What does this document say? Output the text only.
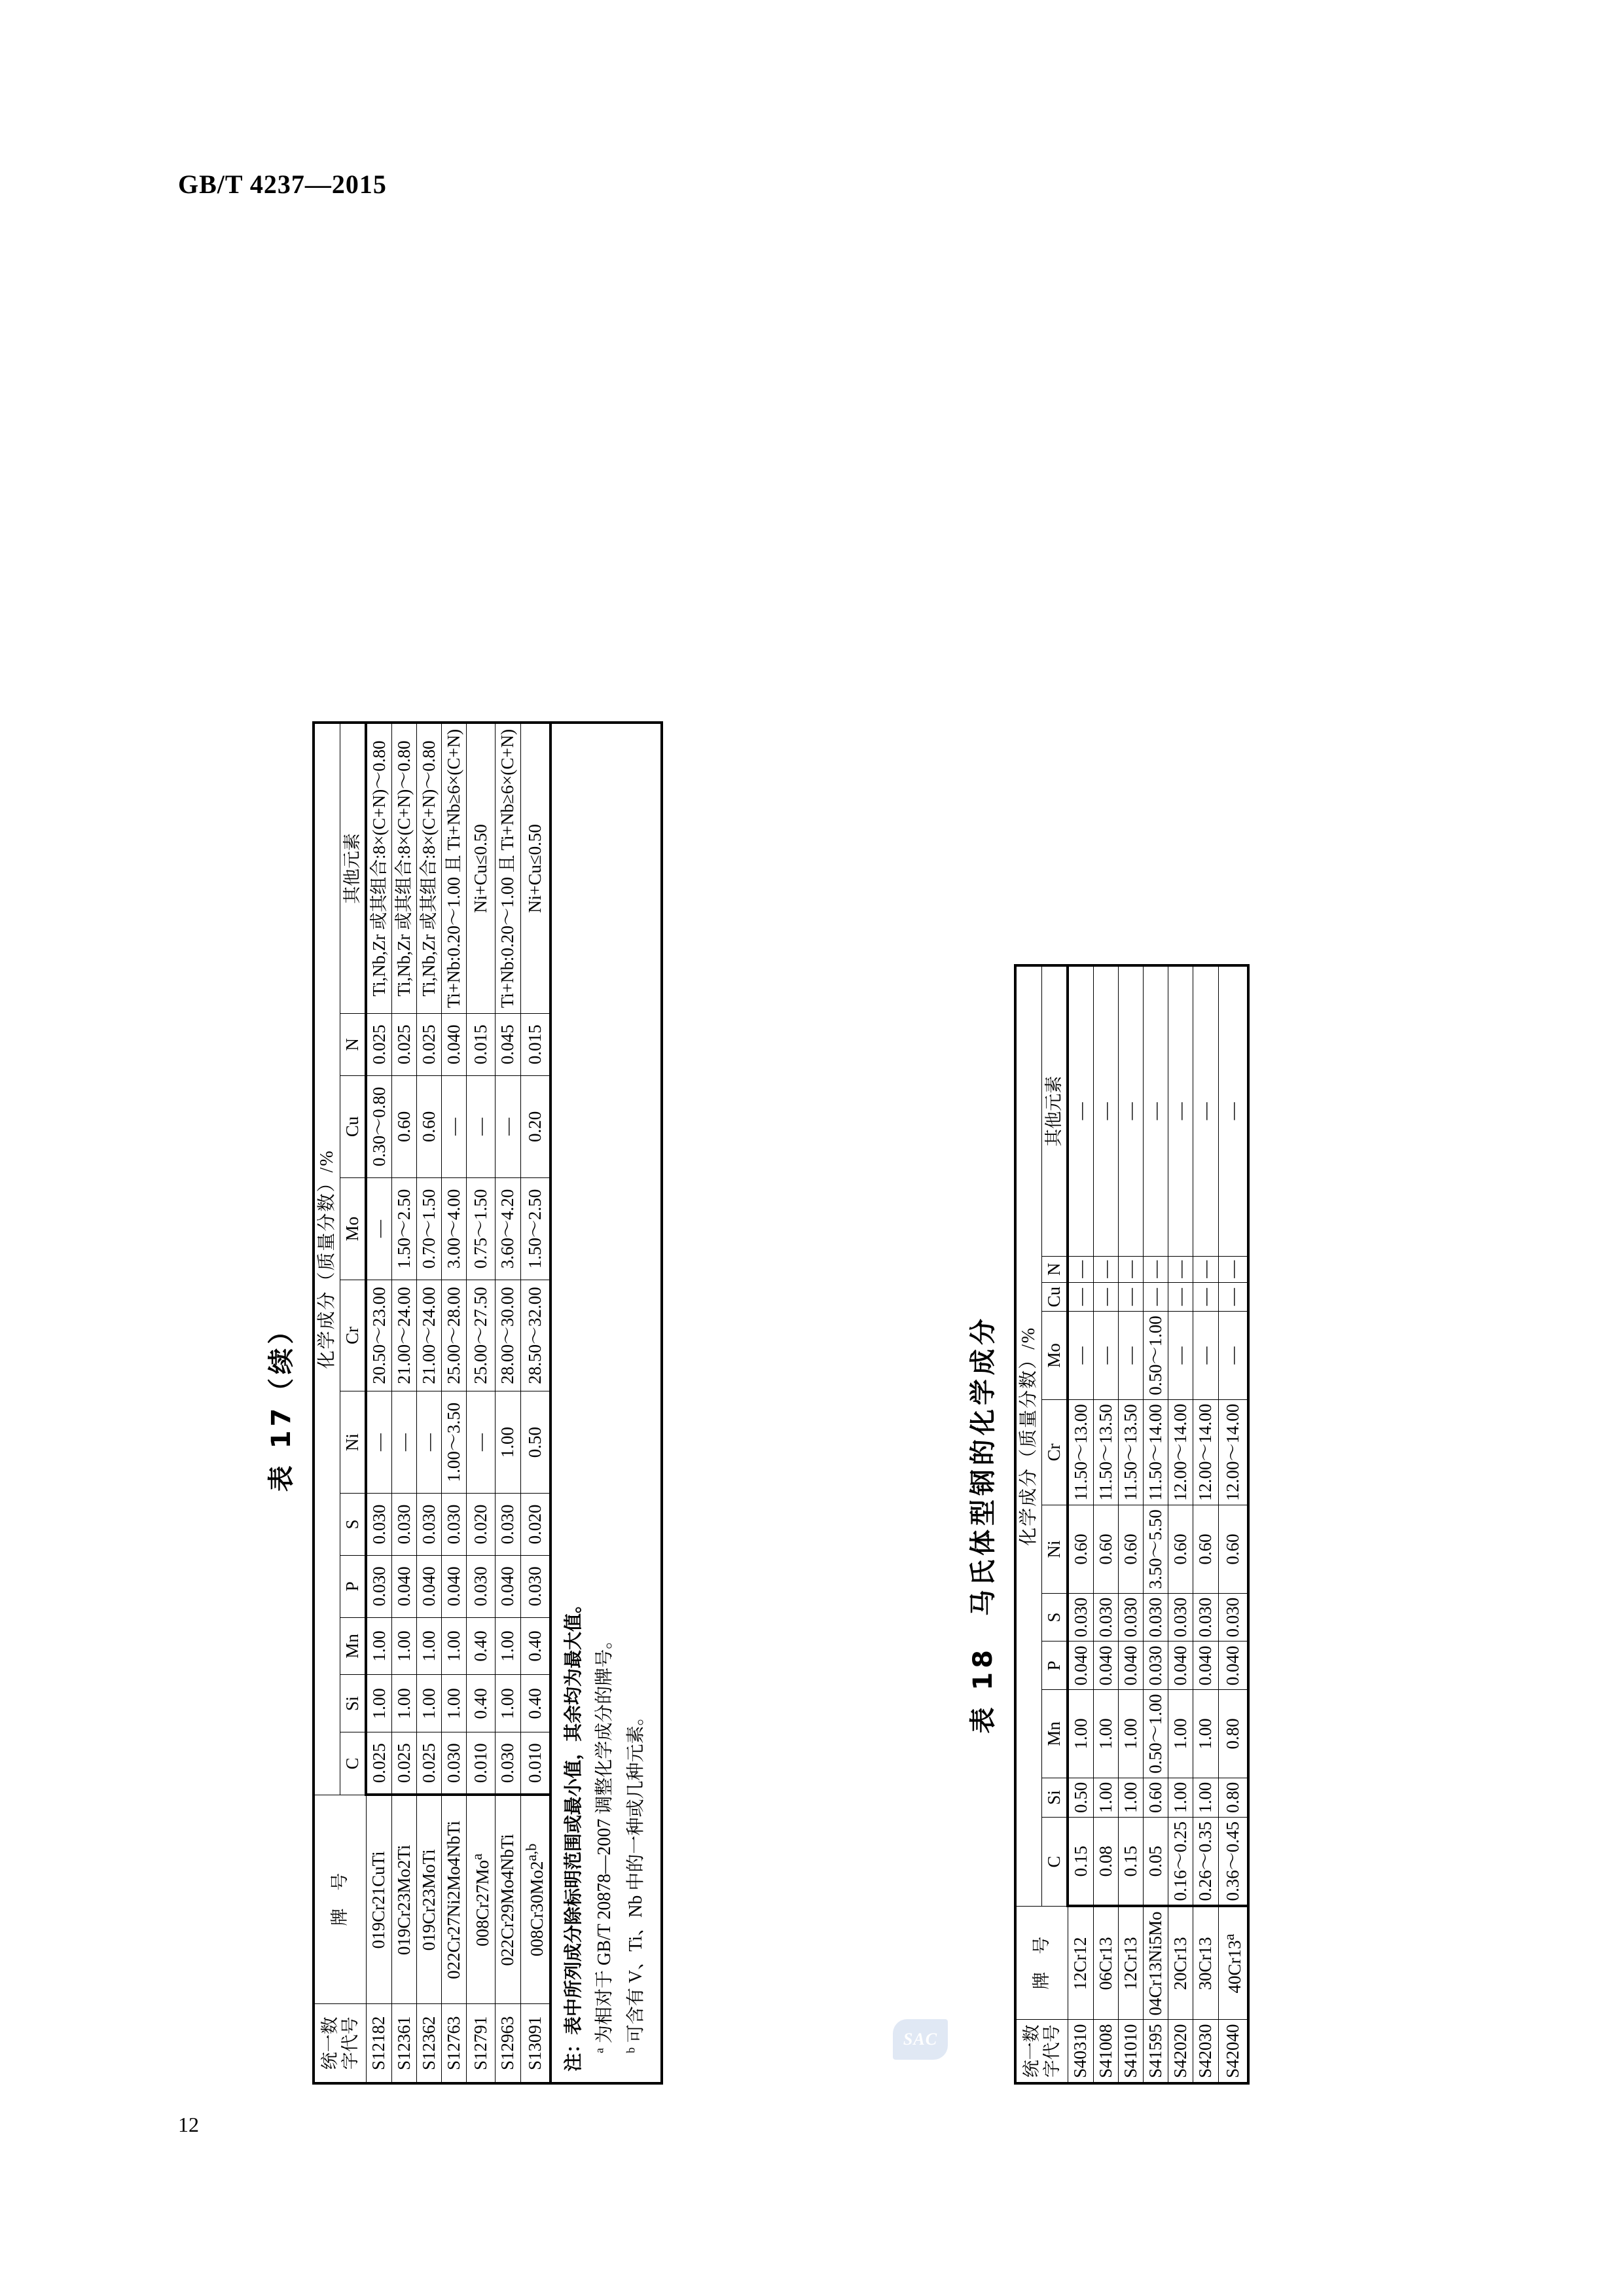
GB/T 4237—2015
12
SAC
表 17（续）
统一数
字代号	牌　号	化学成分（质量分数）/%										
		C	Si	Mn	P	S	Ni	Cr	Mo	Cu	N	其他元素
S12182	019Cr21CuTi	0.025	1.00	1.00	0.030	0.030	—	20.50～23.00	—	0.30～0.80	0.025	Ti,Nb,Zr 或其组合:8×(C+N)～0.80
S12361	019Cr23Mo2Ti	0.025	1.00	1.00	0.040	0.030	—	21.00～24.00	1.50～2.50	0.60	0.025	Ti,Nb,Zr 或其组合:8×(C+N)～0.80
S12362	019Cr23MoTi	0.025	1.00	1.00	0.040	0.030	—	21.00～24.00	0.70～1.50	0.60	0.025	Ti,Nb,Zr 或其组合:8×(C+N)～0.80
S12763	022Cr27Ni2Mo4NbTi	0.030	1.00	1.00	0.040	0.030	1.00～3.50	25.00～28.00	3.00～4.00	—	0.040	Ti+Nb:0.20～1.00 且 Ti+Nb≥6×(C+N)
S12791	008Cr27Mo$^a$	0.010	0.40	0.40	0.030	0.020	—	25.00～27.50	0.75～1.50	—	0.015	Ni+Cu≤0.50
S12963	022Cr29Mo4NbTi	0.030	1.00	1.00	0.040	0.030	1.00	28.00～30.00	3.60～4.20	—	0.045	Ti+Nb:0.20～1.00 且 Ti+Nb≥6×(C+N)
S13091	008Cr30Mo2$^{a,b}$	0.010	0.40	0.40	0.030	0.020	0.50	28.50～32.00	1.50～2.50	0.20	0.015	Ni+Cu≤0.50
注：表中所列成分除标明范围或最小值，其余均为最大值。 $^a$ 为相对于 GB/T 20878—2007 调整化学成分的牌号。
$^b$ 可含有 V、Ti、Nb 中的一种或几种元素。
表 18　马氏体型钢的化学成分
统一数
字代号	牌　号	化学成分（质量分数）/%										
		C	Si	Mn	P	S	Ni	Cr	Mo	Cu	N	其他元素
S40310	12Cr12	0.15	0.50	1.00	0.040	0.030	0.60	11.50～13.00	—	—	—	—
S41008	06Cr13	0.08	1.00	1.00	0.040	0.030	0.60	11.50～13.50	—	—	—	—
S41010	12Cr13	0.15	1.00	1.00	0.040	0.030	0.60	11.50～13.50	—	—	—	—
S41595	04Cr13Ni5Mo	0.05	0.60	0.50～1.00	0.030	0.030	3.50～5.50	11.50～14.00	0.50～1.00	—	—	—
S42020	20Cr13	0.16～0.25	1.00	1.00	0.040	0.030	0.60	12.00～14.00	—	—	—	—
S42030	30Cr13	0.26～0.35	1.00	1.00	0.040	0.030	0.60	12.00～14.00	—	—	—	—
S42040	40Cr13$^a$	0.36～0.45	0.80	0.80	0.040	0.030	0.60	12.00～14.00	—	—	—	—
